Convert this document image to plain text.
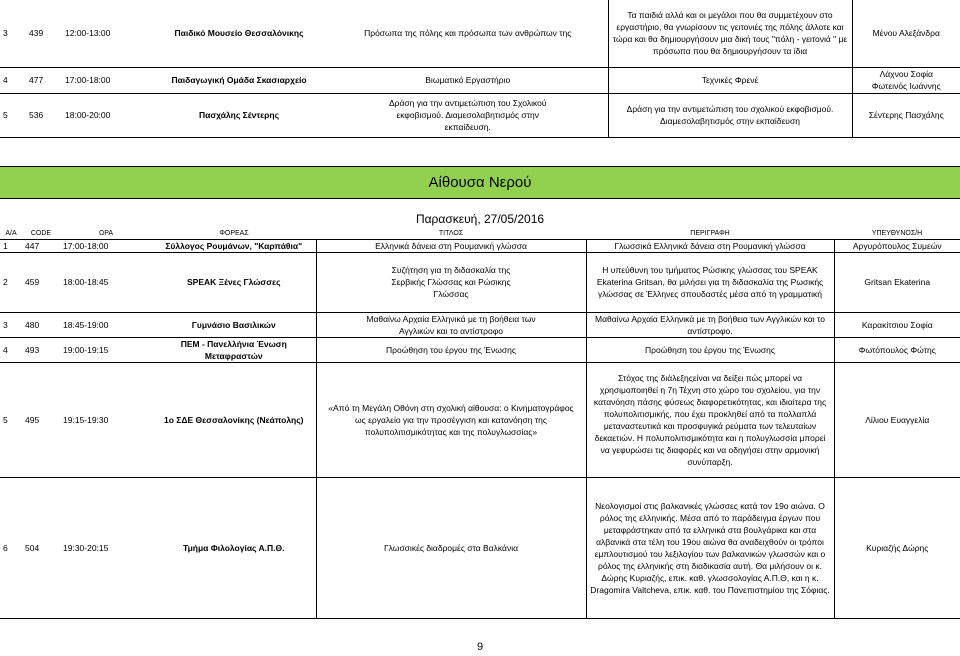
3	439	12:00-13:00	Παιδικό Μουσείο Θεσσαλόνικης	Πρόσωπα της πόλης και πρόσωπα των ανθρώπων της	Τα παιδιά αλλά και οι μεγάλοι που θα συμμετέχουν στο εργαστήριο, θα γνωρίσουν τις γειτονιές της πόλης άλλοτε και τώρα και θα δημιουργήσουν μια δική τους "πόλη - γειτονιά " με πρόσωπα που θα δημιουργήσουν τα ίδια	Μένου Αλεξάνδρα
4	477	17:00-18:00	Παιδαγωγική Ομάδα Σκασιαρχείο	Βιωματικό Εργαστήριο	Τεχνικές Φρενέ	Λάχνου Σοφία Φωτεινός Ιωάννης
5	536	18:00-20:00	Πασχάλης Σέντερης	Δράση για την αντιμετώπιση του Σχολικού εκφοβισμού. Διαμεσολαβητισμός στην εκπαίδευση.	Δράση για την αντιμετώπιση του σχολικού εκφοβισμού. Διαμεσολαβητισμός στην εκπαίδευση	Σέντερης Πασχάλης
Αίθουσα Νερού
Παρασκευή, 27/05/2016
Α/Α	CODE	ΩΡΑ	ΦΟΡΕΑΣ	ΤΙΤΛΟΣ	ΠΕΡΙΓΡΑΦΗ	ΥΠΕΥΘΥΝΟΣ/Η
1	447	17:00-18:00	Σύλλογος Ρουμάνων, "Καρπάθια"	Ελληνικά δάνεια στη Ρουμανική γλώσσα	Γλωσσικά Ελληνικά δάνεια στη Ρουμανική γλώσσα	Αργυρόπουλος Συμεών
2	459	18:00-18:45	SPEAK Ξένες Γλώσσες	Συζήτηση για τη διδασκαλία της Σερβικής Γλώσσας και Ρώσικης Γλώσσας	Η υπεύθυνη του τμήματος Ρώσικης γλώσσας του SPEAK Ekaterina Gritsan, θα μιλήσει για τη διδασκαλία της Ρωσικής γλώσσας σε Έλληνες σπουδαστές μέσα από τη γραμματική	Gritsan Ekaterina
3	480	18:45-19:00	Γυμνάσιο Βασιλικών	Μαθαίνω Αρχαία Ελληνικά με τη βοήθεια των Αγγλικών και το αντίστροφο	Μαθαίνω Αρχαία Ελληνικά με τη βοήθεια των Αγγλικών και το αντίστροφο.	Καρακίτσιου Σοφία
4	493	19:00-19:15	ΠΕΜ - Πανελλήνια Ένωση Μεταφραστών	Προώθηση του έργου της Ένωσης	Προώθηση του έργου της Ένωσης	Φωτόπουλος Φώτης
5	495	19:15-19:30	1ο ΣΔΕ Θεσσαλονίκης (Νεάπολης)	«Από τη Μεγάλη Οθόνη στη σχολική αίθουσα: ο Κινηματογράφος ως εργαλείο για την προσέγγιση και κατανόηση της πολυπολιτισμικότητας και της πολυγλωσσίας»	Στόχος της διάλεξηςείναι να δείξει πώς μπορεί να χρησιμοποιηθεί η 7η Τέχνη στο χώρο του σχολείου, για την κατανόηση πάσης φύσεως διαφορετικότητας, και ιδιαίτερα της πολυπολιτισμικής, που έχει προκληθεί από τα πολλαπλά μεταναστευτικά και προσφυγικά ρεύματα των τελευταίων δεκαετιών. Η πολυπολιτισμικότητα και η πολυγλωσσία μπορεί να γεφυρώσει τις διαφορές και να οδηγήσει στην αρμονική συνύπαρξη.	Λίλιου Ευαγγελία
6	504	19:30-20:15	Τμήμα Φιλολογίας Α.Π.Θ.	Γλωσσικές διαδρομές στα Βαλκάνια	Νεολογισμοί στις βαλκανικές γλώσσες κατά τον 19ο αιώνα. Ο ρόλος της ελληνικής. Μέσα από το παράδειγμα έργων που μεταφράστηκαν από τα ελληνικά στα βουλγάρικα και στα αλβανικά στα τέλη του 19ου αιώνα θα αναδειχθούν οι τρόποι εμπλουτισμού του λεξιλογίου των βαλκανικών γλωσσών και ο ρόλος της ελληνικής στη διαδικασία αυτή. Θα μιλήσουν οι κ. Δώρης Κυριαζής, επικ. καθ. γλωσσολογίας Α.Π.Θ, και η κ. Dragomira Valtcheva, επικ. καθ. του Πανεπιστημίου της Σόφιας.	Κυριαζής Δώρης
9
